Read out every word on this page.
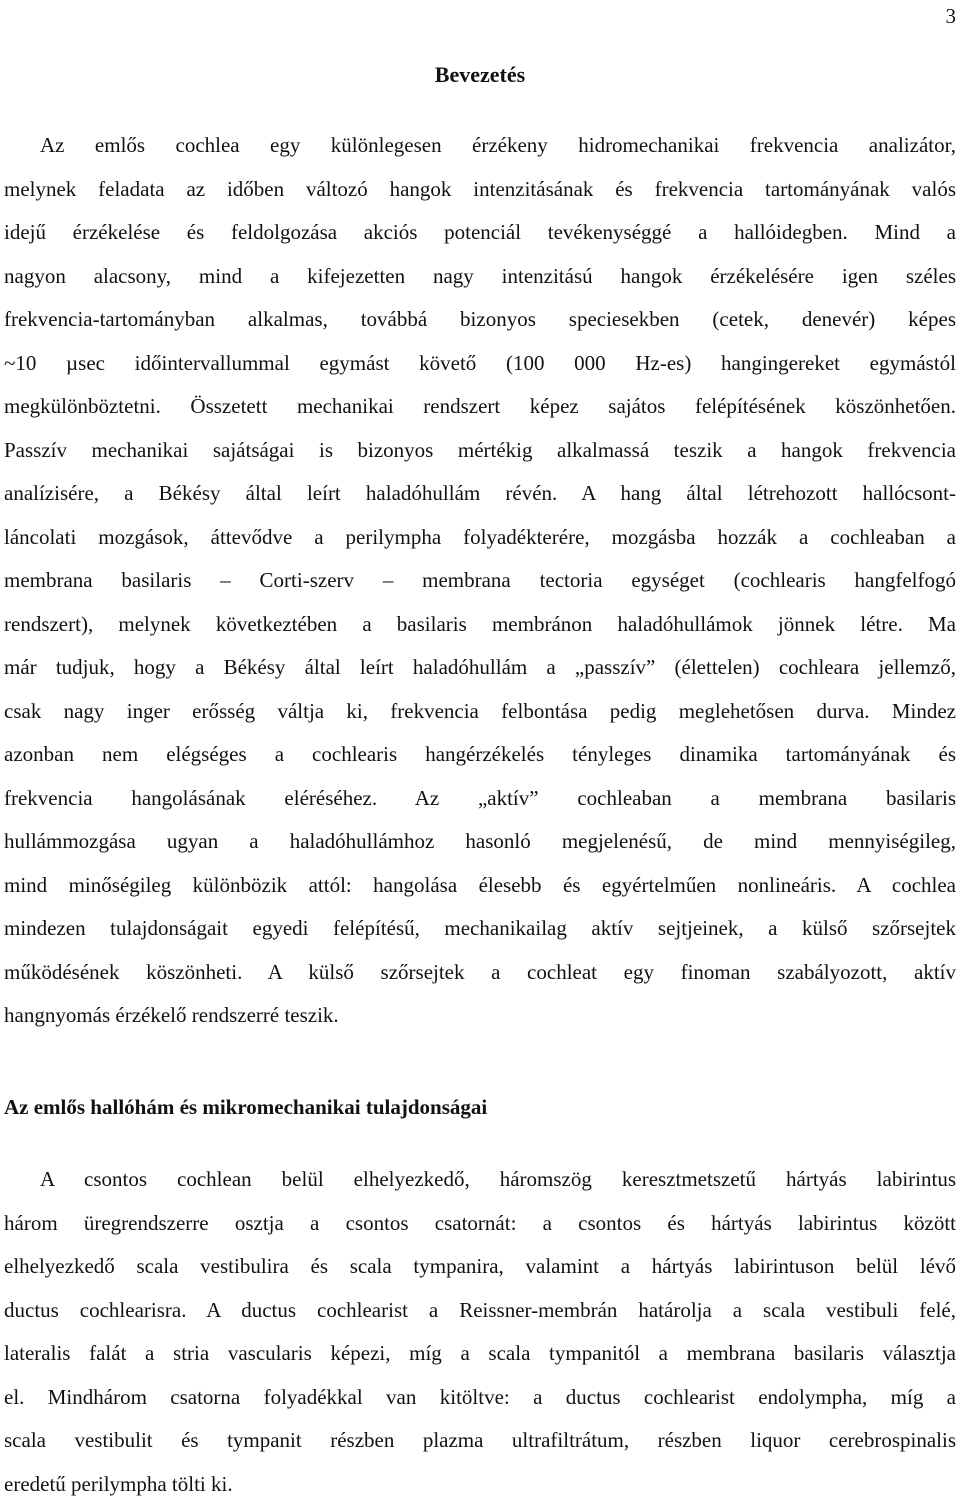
3
Bevezetés
Az emlős cochlea egy különlegesen érzékeny hidromechanikai frekvencia analizátor,
melynek feladata az időben változó hangok intenzitásának és frekvencia tartományának valós
idejű érzékelése és feldolgozása akciós potenciál tevékenységgé a hallóidegben. Mind a
nagyon alacsony, mind a kifejezetten nagy intenzitású hangok érzékelésére igen széles
frekvencia-tartományban alkalmas, továbbá bizonyos speciesekben (cetek, denevér) képes
~10 µsec időintervallummal egymást követő (100 000 Hz-es) hangingereket egymástól
megkülönböztetni. Összetett mechanikai rendszert képez sajátos felépítésének köszönhetően.
Passzív mechanikai sajátságai is bizonyos mértékig alkalmassá teszik a hangok frekvencia
analízisére, a Békésy által leírt haladóhullám révén. A hang által létrehozott hallócsont-
láncolati mozgások, áttevődve a perilympha folyadékterére, mozgásba hozzák a cochleaban a
membrana basilaris – Corti-szerv – membrana tectoria egységet (cochlearis hangfelfogó
rendszert), melynek következtében a basilaris membránon haladóhullámok jönnek létre. Ma
már tudjuk, hogy a Békésy által leírt haladóhullám a „passzív” (élettelen) cochleara jellemző,
csak nagy inger erősség váltja ki, frekvencia felbontása pedig meglehetősen durva. Mindez
azonban nem elégséges a cochlearis hangérzékelés tényleges dinamika tartományának és
frekvencia hangolásának eléréséhez. Az „aktív” cochleaban a membrana basilaris
hullámmozgása ugyan a haladóhullámhoz hasonló megjelenésű, de mind mennyiségileg,
mind minőségileg különbözik attól: hangolása élesebb és egyértelműen nonlineáris. A cochlea
mindezen tulajdonságait egyedi felépítésű, mechanikailag aktív sejtjeinek, a külső szőrsejtek
működésének köszönheti. A külső szőrsejtek a cochleat egy finoman szabályozott, aktív
hangnyomás érzékelő rendszerré teszik.
Az emlős hallóhám és mikromechanikai tulajdonságai
A csontos cochlean belül elhelyezkedő, háromszög keresztmetszetű hártyás labirintus
három üregrendszerre osztja a csontos csatornát: a csontos és hártyás labirintus között
elhelyezkedő scala vestibulira és scala tympanira, valamint a hártyás labirintuson belül lévő
ductus cochlearisra. A ductus cochlearist a Reissner-membrán határolja a scala vestibuli felé,
lateralis falát a stria vascularis képezi, míg a scala tympanitól a membrana basilaris választja
el. Mindhárom csatorna folyadékkal van kitöltve: a ductus cochlearist endolympha, míg a
scala vestibulit és tympanit részben plazma ultrafiltrátum, részben liquor cerebrospinalis
eredetű perilympha tölti ki.
